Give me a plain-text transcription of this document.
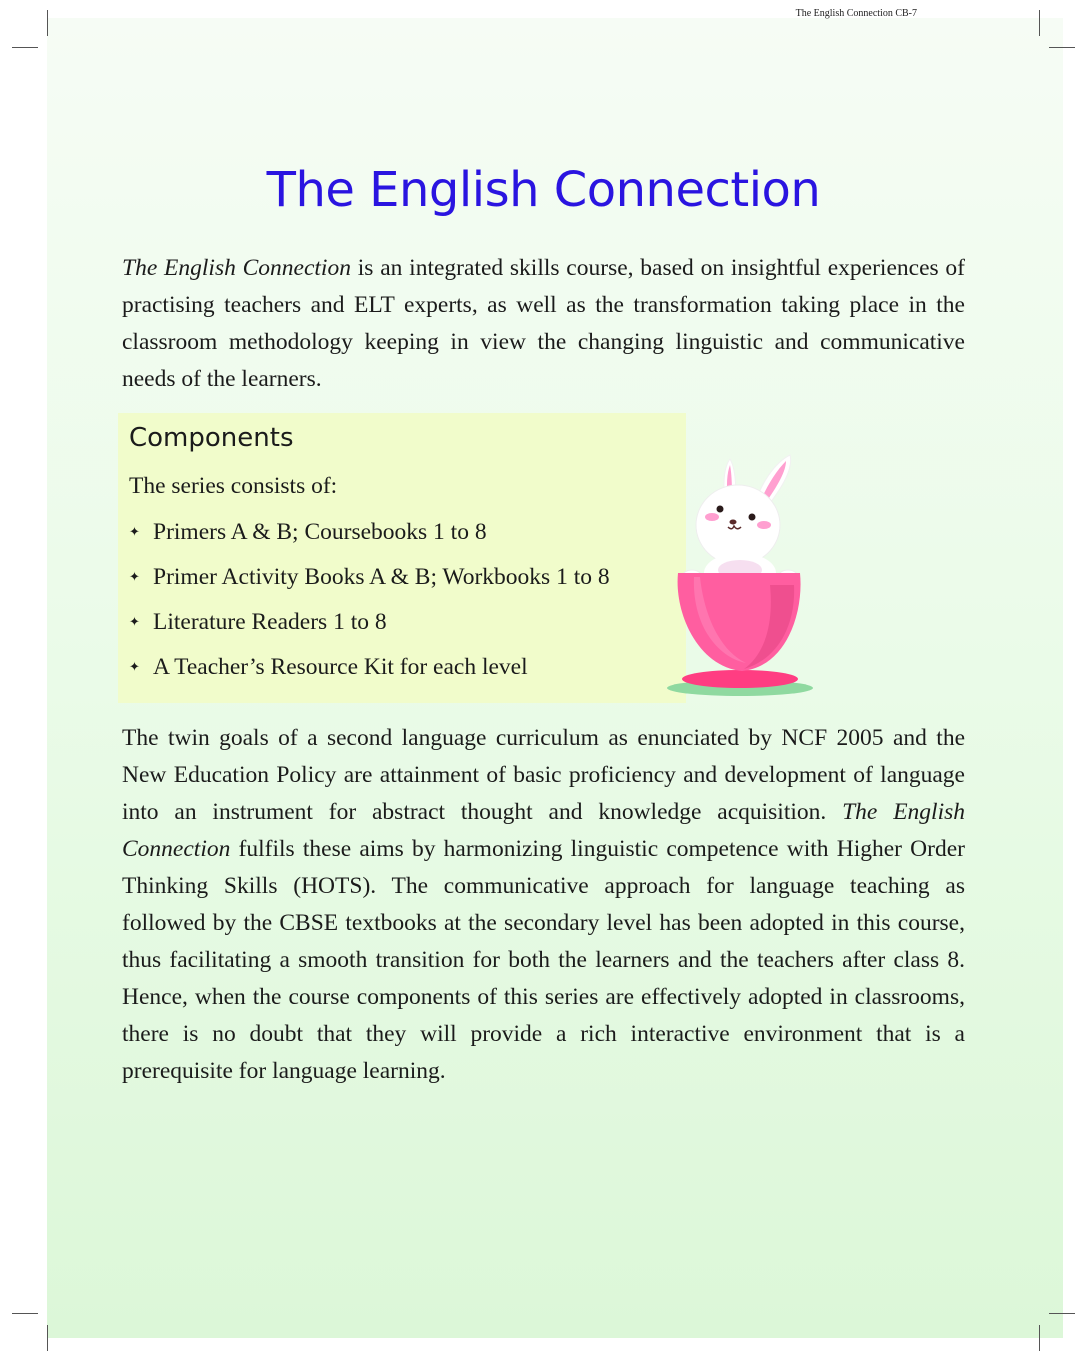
The English Connection CB-7
The English Connection

The English Connection is an integrated skills course, based on insightful experiences of practising teachers and ELT experts, as well as the transformation taking place in the classroom methodology keeping in view the changing linguistic and communicative needs of the learners.

Components

The series consists of:

✦ Primers A & B; Coursebooks 1 to 8
✦ Primer Activity Books A & B; Workbooks 1 to 8
✦ Literature Readers 1 to 8
✦ A Teacher’s Resource Kit for each level

The twin goals of a second language curriculum as enunciated by NCF 2005 and the New Education Policy are attainment of basic proficiency and development of language into an instrument for abstract thought and knowledge acquisition. The English Connection fulfils these aims by harmonizing linguistic competence with Higher Order Thinking Skills (HOTS). The communicative approach for language teaching as followed by the CBSE textbooks at the secondary level has been adopted in this course, thus facilitating a smooth transition for both the learners and the teachers after class 8. Hence, when the course components of this series are effectively adopted in classrooms, there is no doubt that they will provide a rich interactive environment that is a prerequisite for language learning.
